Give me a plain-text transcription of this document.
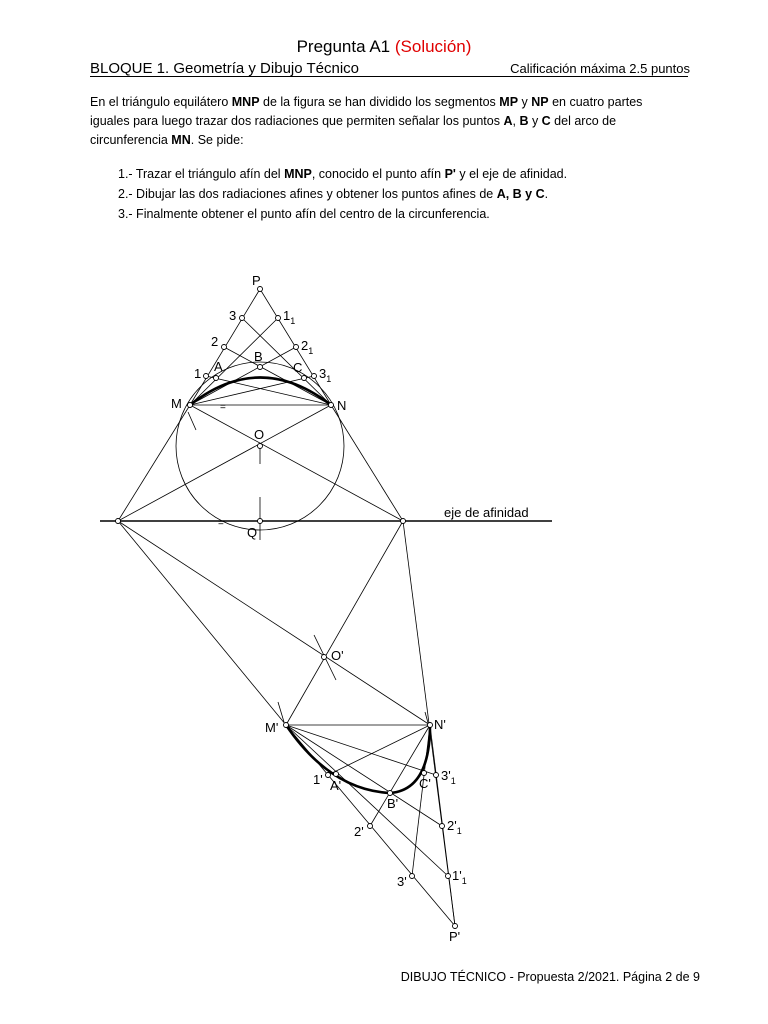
Pregunta A1 (Solución)
BLOQUE 1. Geometría y Dibujo Técnico	Calificación máxima 2.5 puntos

En el triángulo equilátero MNP de la figura se han dividido los segmentos MP y NP en cuatro partes iguales para luego trazar dos radiaciones que permiten señalar los puntos A, B y C del arco de circunferencia MN. Se pide:

1.- Trazar el triángulo afín del MNP, conocido el punto afín P' y el eje de afinidad.
2.- Dibujar las dos radiaciones afines y obtener los puntos afines de A, B y C.
3.- Finalmente obtener el punto afín del centro de la circunferencia.
=
=
eje de afinidad
P
M	N
O
Q
A
B
C
3
2
1
$1_1$
$2_1$
$3_1$
O'
M'	N'
P'
A'
B'
C'
1'
2'
3'
$3'_1$
$2'_1$
$1'_1$
DIBUJO TÉCNICO - Propuesta 2/2021. Página 2 de 9
